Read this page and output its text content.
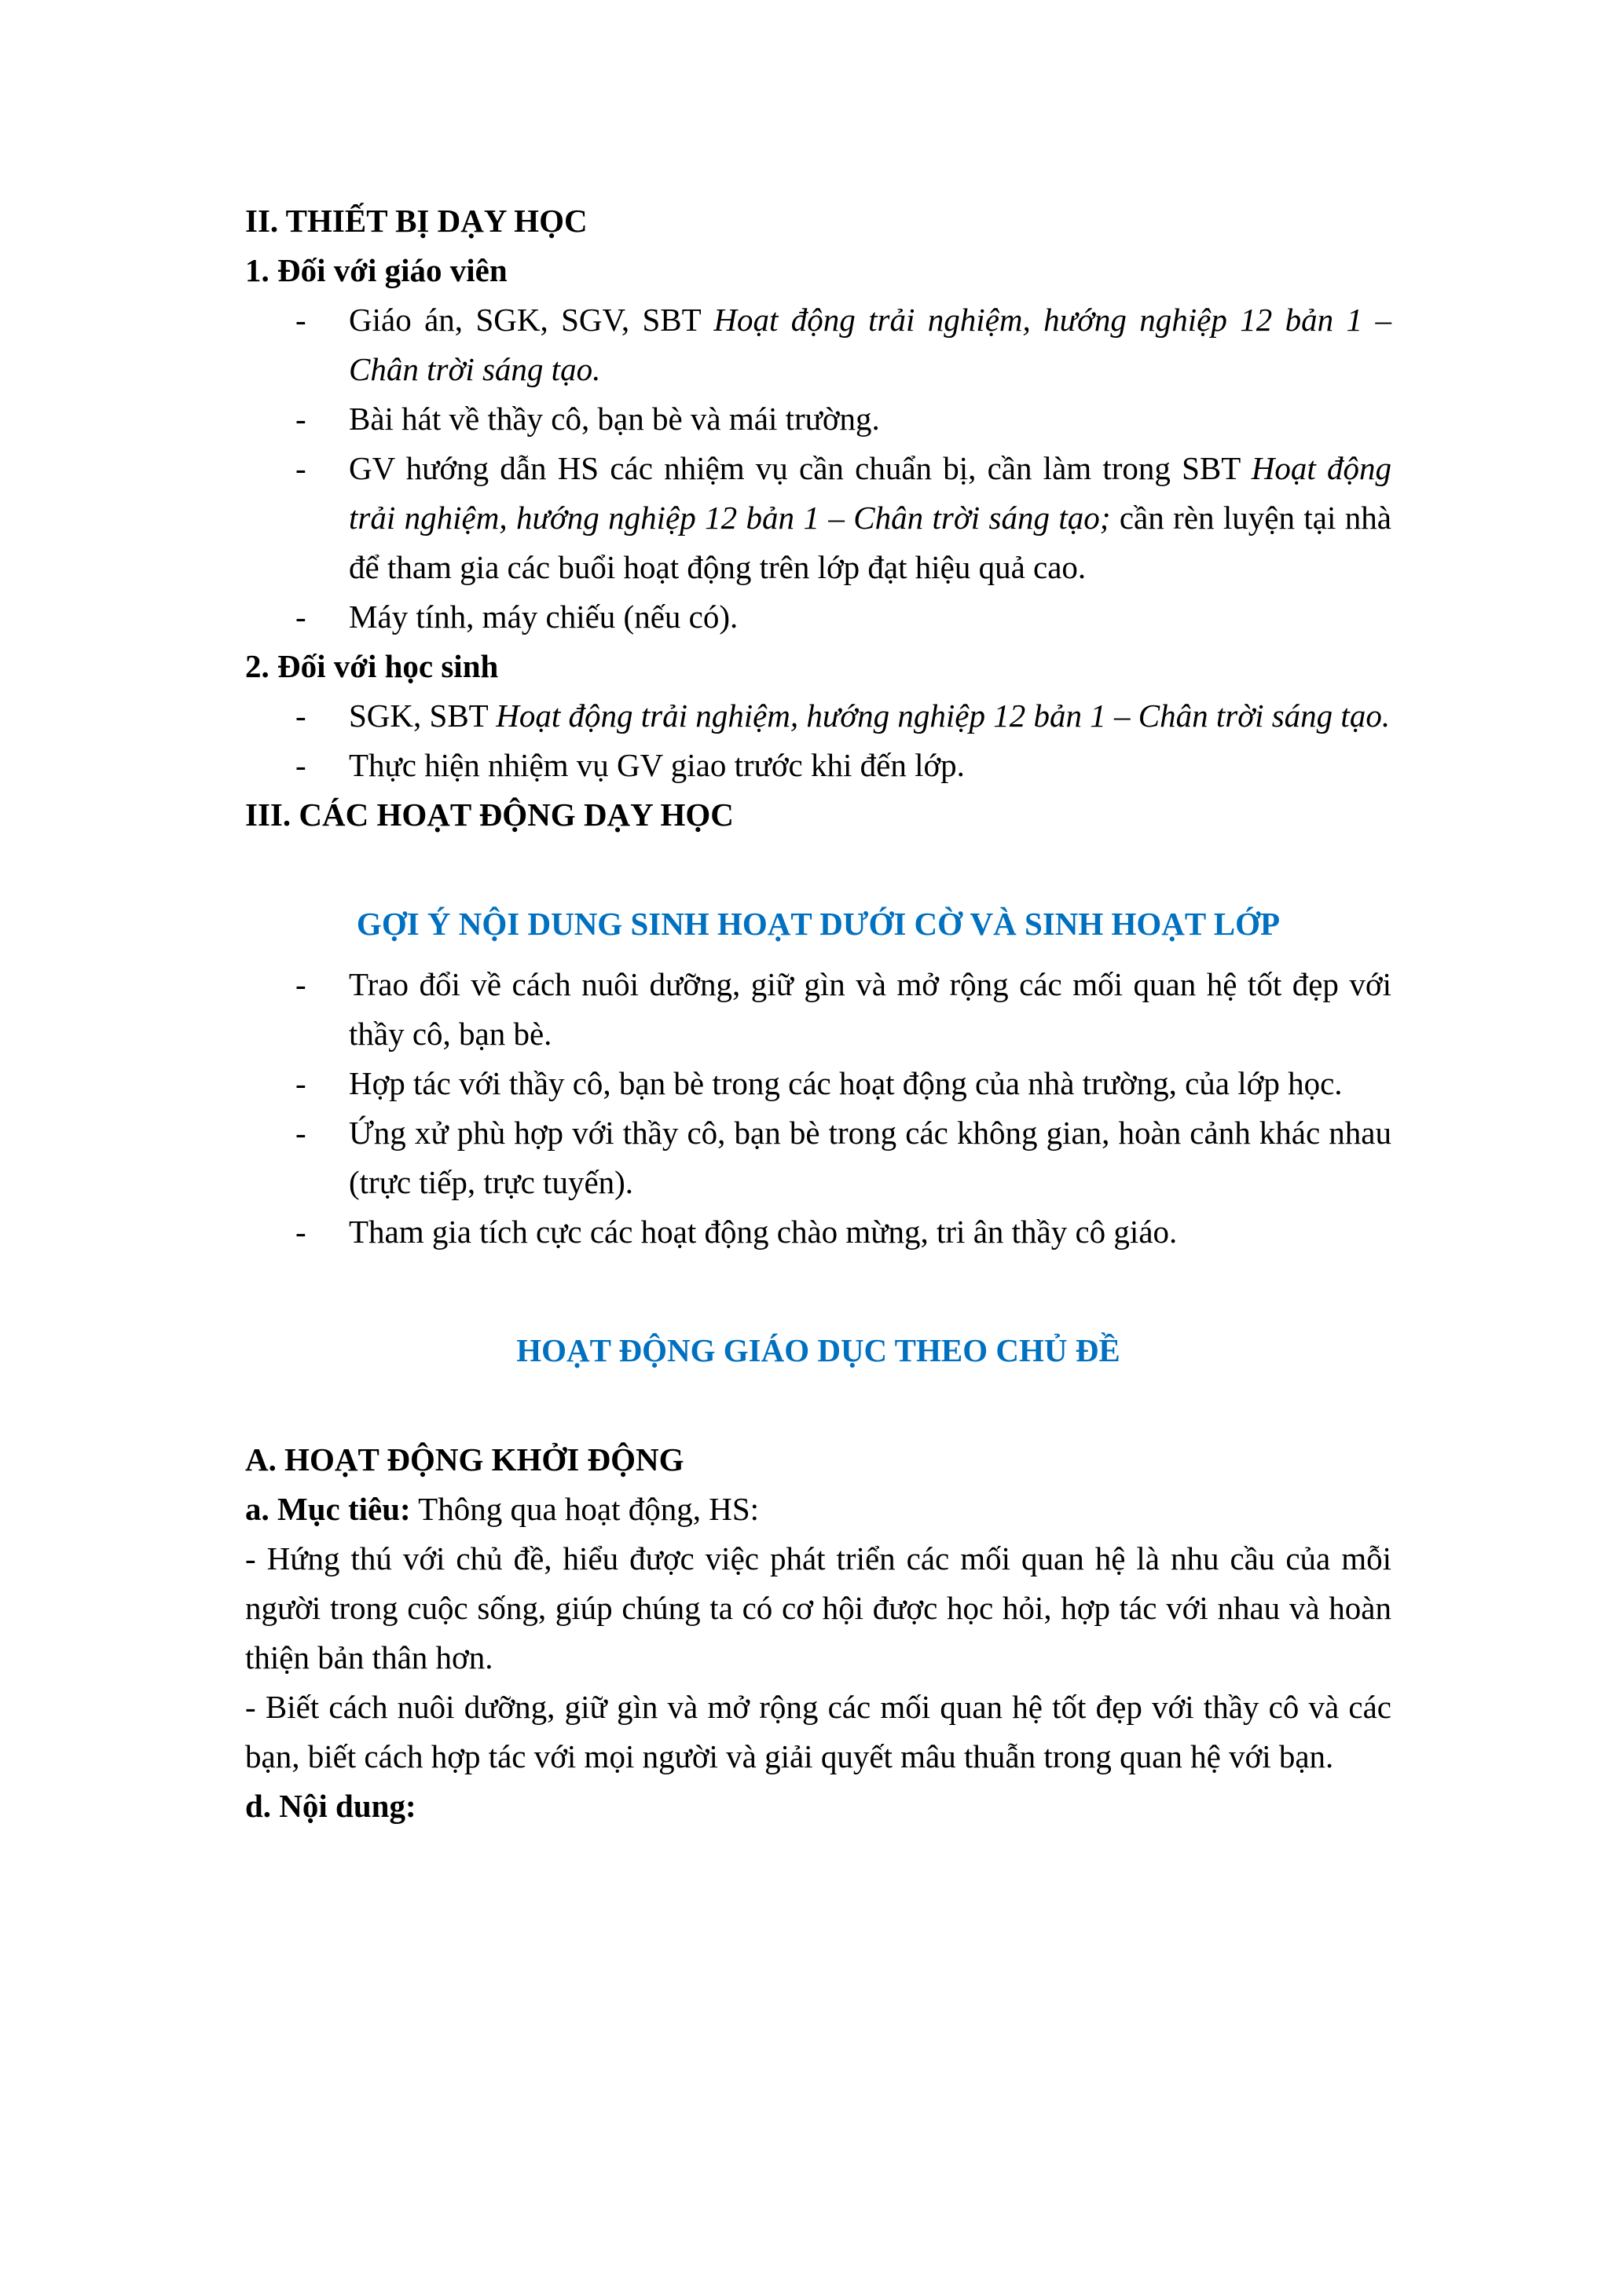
II. THIẾT BỊ DẠY HỌC
1. Đối với giáo viên
- Giáo án, SGK, SGV, SBT Hoạt động trải nghiệm, hướng nghiệp 12 bản 1 – Chân trời sáng tạo.
- Bài hát về thầy cô, bạn bè và mái trường.
- GV hướng dẫn HS các nhiệm vụ cần chuẩn bị, cần làm trong SBT Hoạt động trải nghiệm, hướng nghiệp 12 bản 1 – Chân trời sáng tạo; cần rèn luyện tại nhà để tham gia các buổi hoạt động trên lớp đạt hiệu quả cao.
- Máy tính, máy chiếu (nếu có).
2. Đối với học sinh
- SGK, SBT Hoạt động trải nghiệm, hướng nghiệp 12 bản 1 – Chân trời sáng tạo.
- Thực hiện nhiệm vụ GV giao trước khi đến lớp.
III. CÁC HOẠT ĐỘNG DẠY HỌC
GỢI Ý NỘI DUNG SINH HOẠT DƯỚI CỜ VÀ SINH HOẠT LỚP
- Trao đổi về cách nuôi dưỡng, giữ gìn và mở rộng các mối quan hệ tốt đẹp với thầy cô, bạn bè.
- Hợp tác với thầy cô, bạn bè trong các hoạt động của nhà trường, của lớp học.
- Ứng xử phù hợp với thầy cô, bạn bè trong các không gian, hoàn cảnh khác nhau (trực tiếp, trực tuyến).
- Tham gia tích cực các hoạt động chào mừng, tri ân thầy cô giáo.
HOẠT ĐỘNG GIÁO DỤC THEO CHỦ ĐỀ
A. HOẠT ĐỘNG KHỞI ĐỘNG
a. Mục tiêu: Thông qua hoạt động, HS:
- Hứng thú với chủ đề, hiểu được việc phát triển các mối quan hệ là nhu cầu của mỗi người trong cuộc sống, giúp chúng ta có cơ hội được học hỏi, hợp tác với nhau và hoàn thiện bản thân hơn.
- Biết cách nuôi dưỡng, giữ gìn và mở rộng các mối quan hệ tốt đẹp với thầy cô và các bạn, biết cách hợp tác với mọi người và giải quyết mâu thuẫn trong quan hệ với bạn.
d. Nội dung:
